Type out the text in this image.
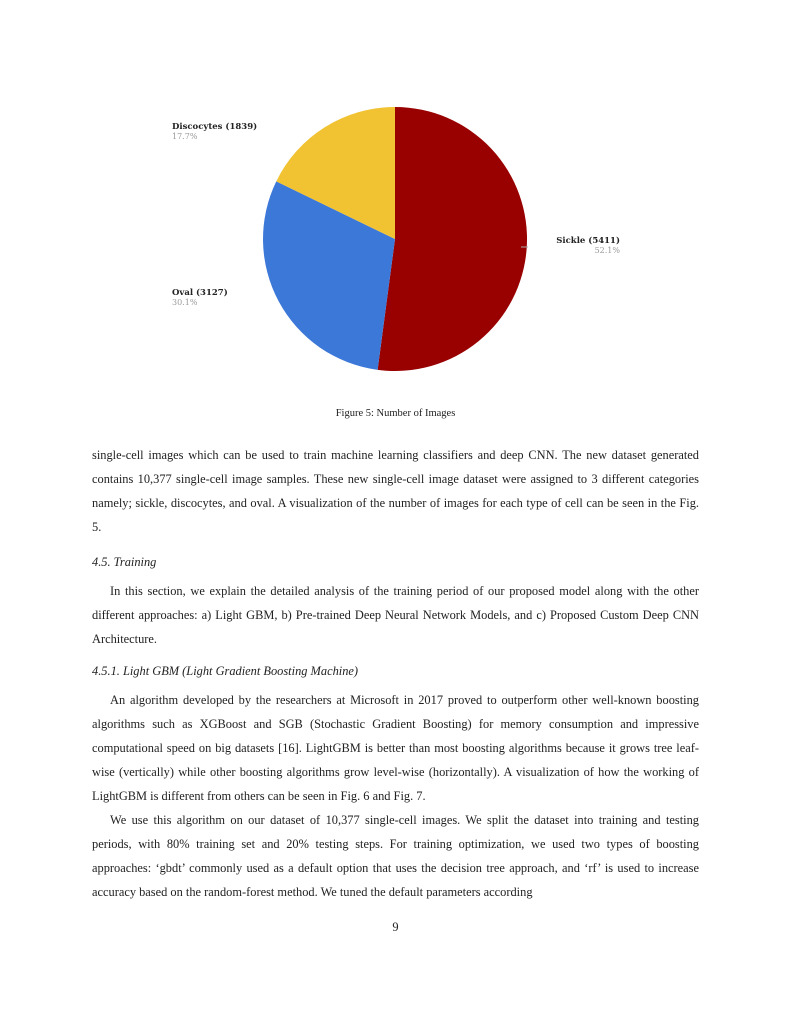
Discocytes (1839)
17.7%
Sickle (5411)
52.1%
Oval (3127)
30.1%
Figure 5: Number of Images

single-cell images which can be used to train machine learning classifiers and deep CNN. The new dataset generated contains 10,377 single-cell image samples. These new single-cell image dataset were assigned to 3 different categories namely; sickle, discocytes, and oval. A visualization of the number of images for each type of cell can be seen in the Fig. 5.

4.5. Training

In this section, we explain the detailed analysis of the training period of our proposed model along with the other different approaches: a) Light GBM, b) Pre-trained Deep Neural Network Models, and c) Proposed Custom Deep CNN Architecture.

4.5.1. Light GBM (Light Gradient Boosting Machine)

An algorithm developed by the researchers at Microsoft in 2017 proved to outperform other well-known boosting algorithms such as XGBoost and SGB (Stochastic Gradient Boosting) for memory consumption and impressive computational speed on big datasets [16]. LightGBM is better than most boosting algorithms because it grows tree leaf-wise (vertically) while other boosting algorithms grow level-wise (horizontally). A visualization of how the working of LightGBM is different from others can be seen in Fig. 6 and Fig. 7.

We use this algorithm on our dataset of 10,377 single-cell images. We split the dataset into training and testing periods, with 80% training set and 20% testing steps. For training optimization, we used two types of boosting approaches: ‘gbdt’ commonly used as a default option that uses the decision tree approach, and ‘rf’ is used to increase accuracy based on the random-forest method. We tuned the default parameters according

9
